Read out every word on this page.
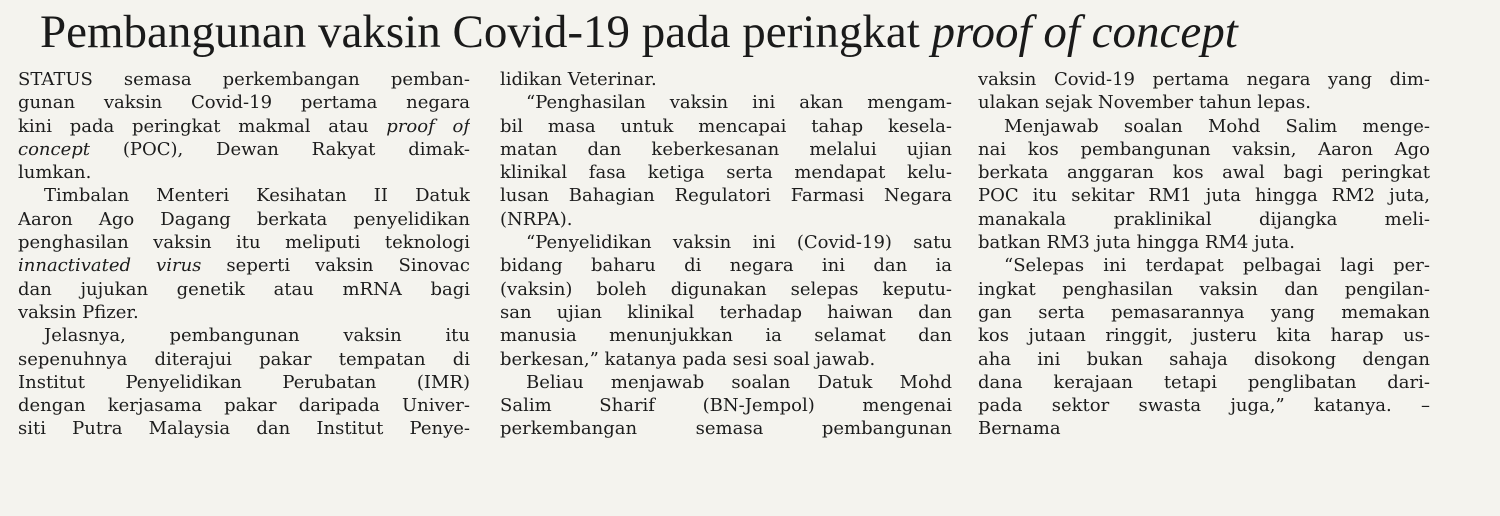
Pembangunan vaksin Covid-19 pada peringkat proof of concept
STATUS semasa perkembangan pemban-
gunan vaksin Covid-19 pertama negara
kini pada peringkat makmal atau proof of
concept (POC), Dewan Rakyat dimak-
lumkan.
Timbalan Menteri Kesihatan II Datuk
Aaron Ago Dagang berkata penyelidikan
penghasilan vaksin itu meliputi teknologi
innactivated virus seperti vaksin Sinovac
dan jujukan genetik atau mRNA bagi
vaksin Pfizer.
Jelasnya, pembangunan vaksin itu
sepenuhnya diterajui pakar tempatan di
Institut Penyelidikan Perubatan (IMR)
dengan kerjasama pakar daripada Univer-
siti Putra Malaysia dan Institut Penye-
lidikan Veterinar.
“Penghasilan vaksin ini akan mengam-
bil masa untuk mencapai tahap kesela-
matan dan keberkesanan melalui ujian
klinikal fasa ketiga serta mendapat kelu-
lusan Bahagian Regulatori Farmasi Negara
(NRPA).
“Penyelidikan vaksin ini (Covid-19) satu
bidang baharu di negara ini dan ia
(vaksin) boleh digunakan selepas keputu-
san ujian klinikal terhadap haiwan dan
manusia menunjukkan ia selamat dan
berkesan,” katanya pada sesi soal jawab.
Beliau menjawab soalan Datuk Mohd
Salim Sharif (BN-Jempol) mengenai
perkembangan semasa pembangunan
vaksin Covid-19 pertama negara yang dim-
ulakan sejak November tahun lepas.
Menjawab soalan Mohd Salim menge-
nai kos pembangunan vaksin, Aaron Ago
berkata anggaran kos awal bagi peringkat
POC itu sekitar RM1 juta hingga RM2 juta,
manakala praklinikal dijangka meli-
batkan RM3 juta hingga RM4 juta.
“Selepas ini terdapat pelbagai lagi per-
ingkat penghasilan vaksin dan pengilan-
gan serta pemasarannya yang memakan
kos jutaan ringgit, justeru kita harap us-
aha ini bukan sahaja disokong dengan
dana kerajaan tetapi penglibatan dari-
pada sektor swasta juga,” katanya. –
Bernama
